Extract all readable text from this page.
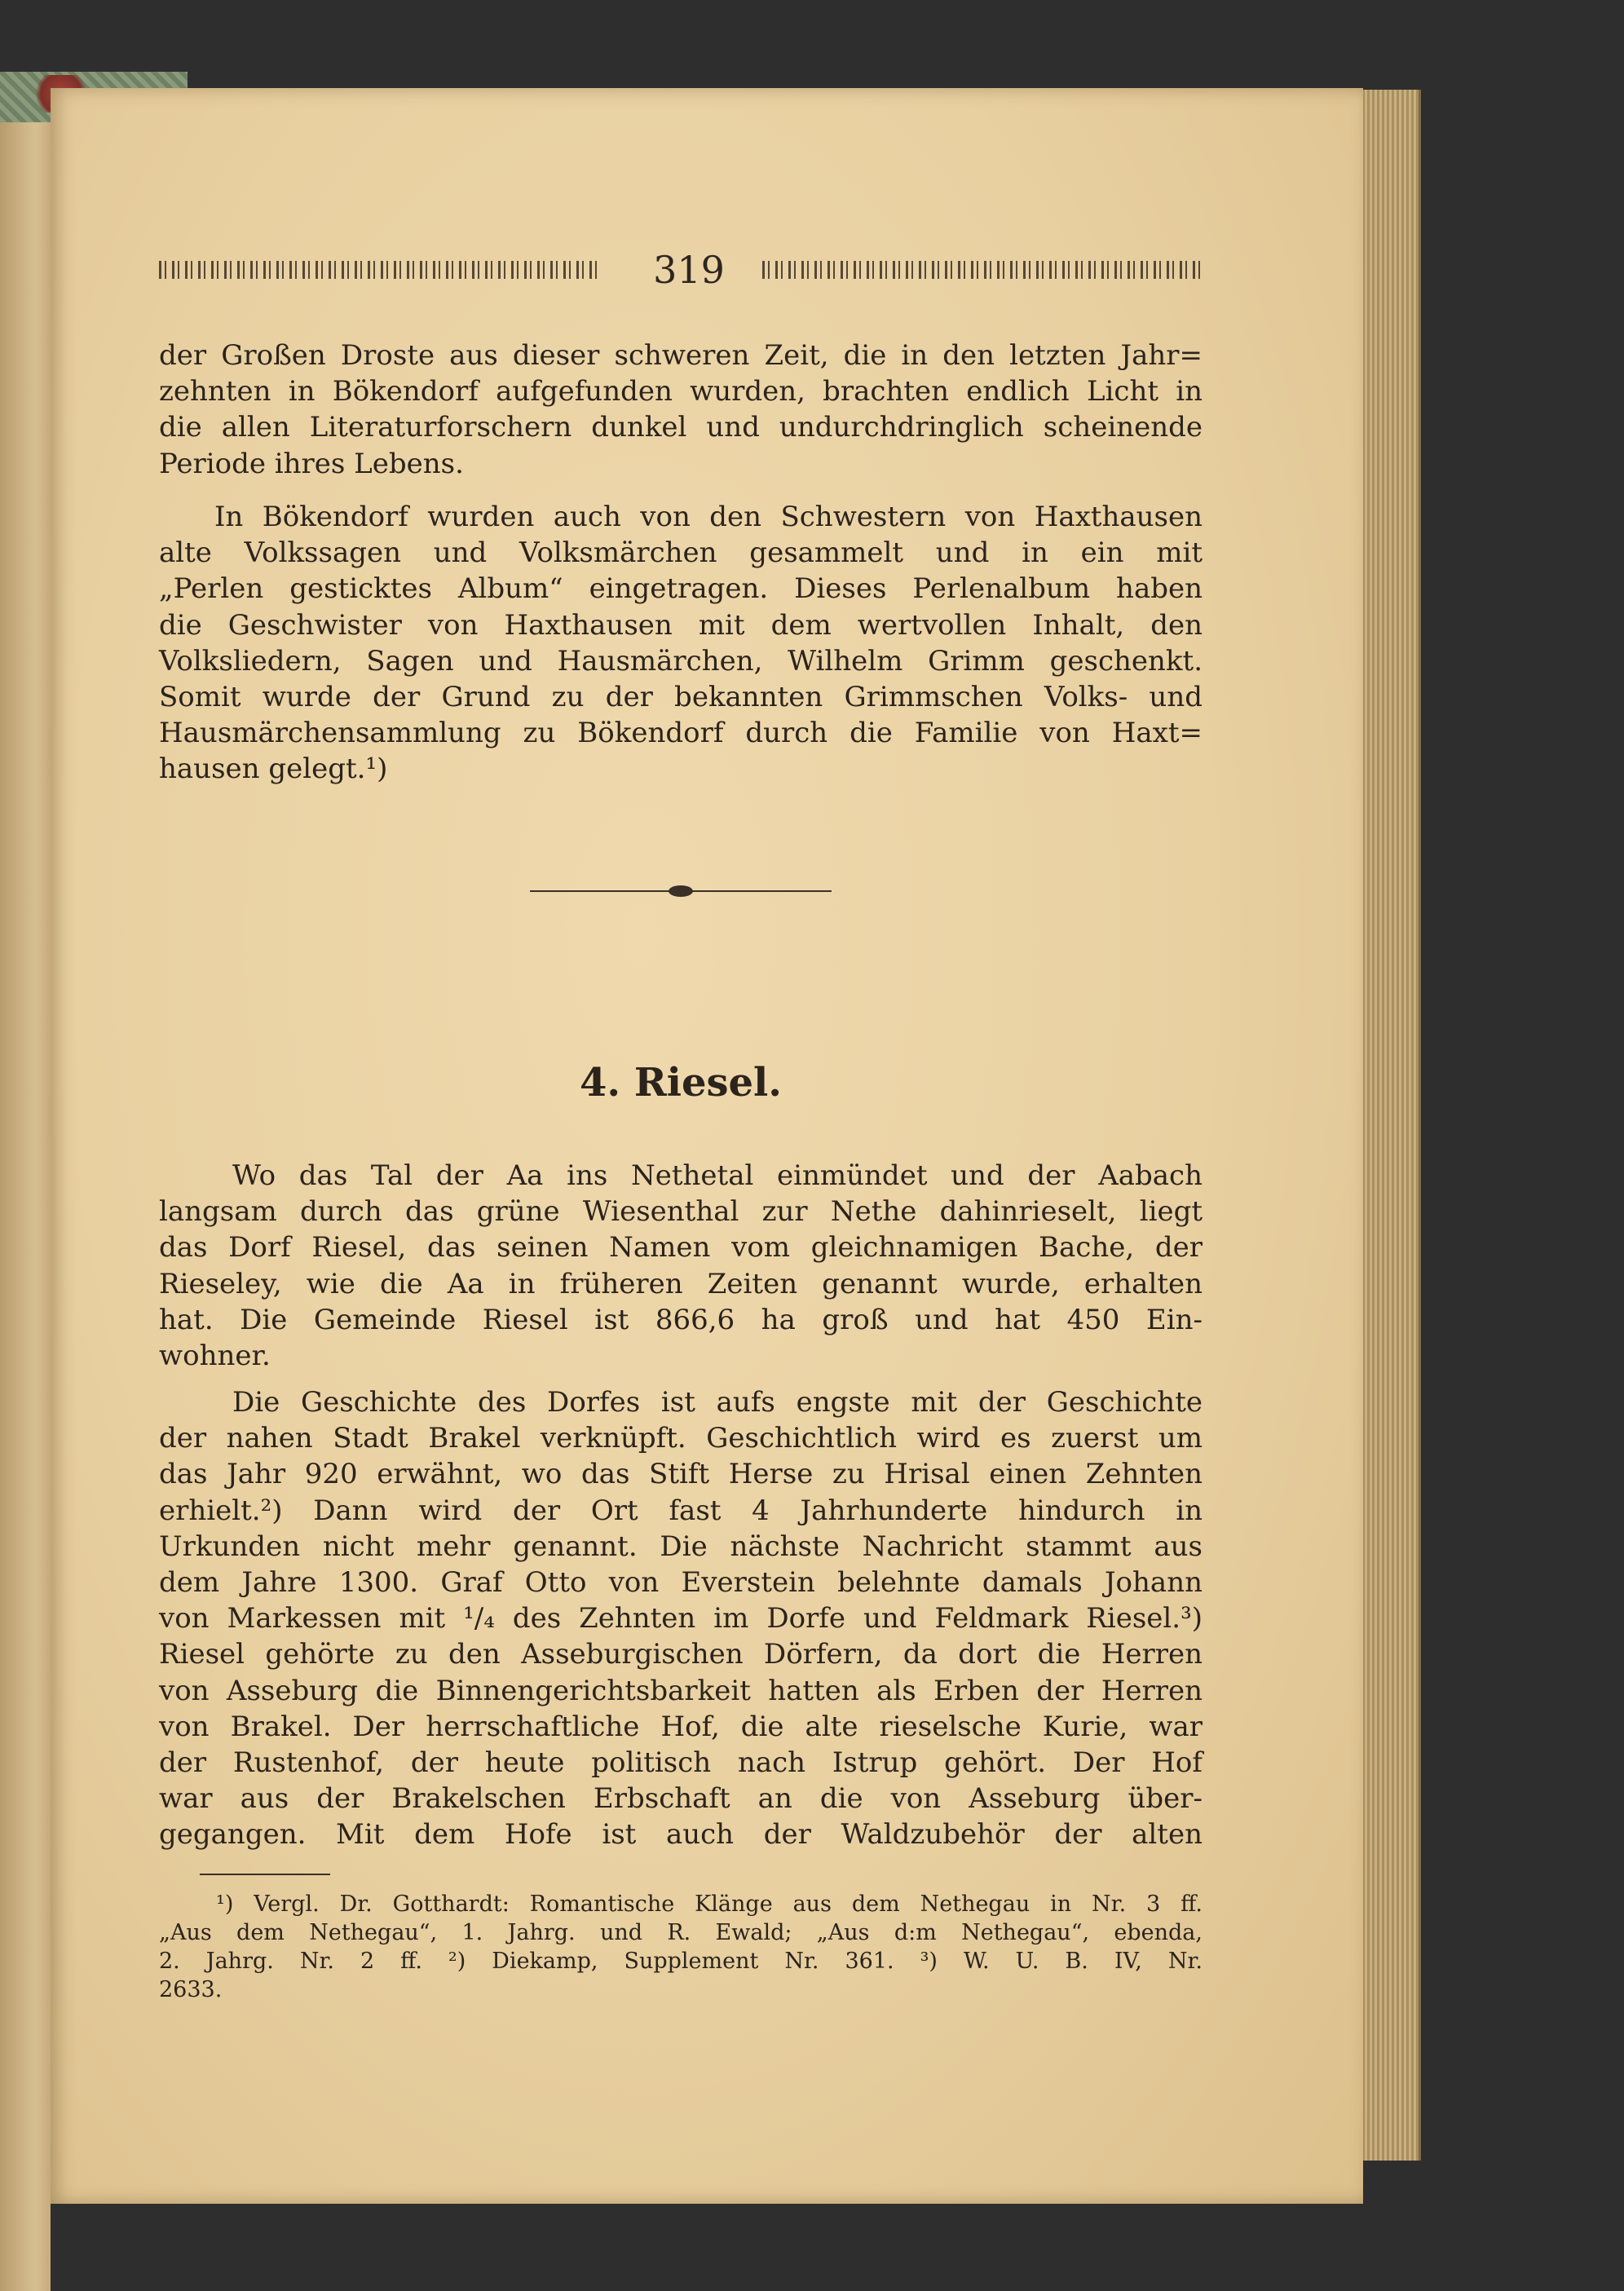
319
der Großen Droste aus dieser schweren Zeit, die in den letzten Jahr=
zehnten in Bökendorf aufgefunden wurden, brachten endlich Licht in
die allen Literaturforschern dunkel und undurchdringlich scheinende
Periode ihres Lebens.
In Bökendorf wurden auch von den Schwestern von Haxthausen
alte Volkssagen und Volksmärchen gesammelt und in ein mit
„Perlen gesticktes Album“ eingetragen. Dieses Perlenalbum haben
die Geschwister von Haxthausen mit dem wertvollen Inhalt, den
Volksliedern, Sagen und Hausmärchen, Wilhelm Grimm geschenkt.
Somit wurde der Grund zu der bekannten Grimmschen Volks- und
Hausmärchensammlung zu Bökendorf durch die Familie von Haxt=
hausen gelegt.¹)
4. Riesel.
Wo das Tal der Aa ins Nethetal einmündet und der Aabach
langsam durch das grüne Wiesenthal zur Nethe dahinrieselt, liegt
das Dorf Riesel, das seinen Namen vom gleichnamigen Bache, der
Rieseley, wie die Aa in früheren Zeiten genannt wurde, erhalten
hat. Die Gemeinde Riesel ist 866,6 ha groß und hat 450 Ein-
wohner.
Die Geschichte des Dorfes ist aufs engste mit der Geschichte
der nahen Stadt Brakel verknüpft. Geschichtlich wird es zuerst um
das Jahr 920 erwähnt, wo das Stift Herse zu Hrisal einen Zehnten
erhielt.²) Dann wird der Ort fast 4 Jahrhunderte hindurch in
Urkunden nicht mehr genannt. Die nächste Nachricht stammt aus
dem Jahre 1300. Graf Otto von Everstein belehnte damals Johann
von Markessen mit ¹/₄ des Zehnten im Dorfe und Feldmark Riesel.³)
Riesel gehörte zu den Asseburgischen Dörfern, da dort die Herren
von Asseburg die Binnengerichtsbarkeit hatten als Erben der Herren
von Brakel. Der herrschaftliche Hof, die alte rieselsche Kurie, war
der Rustenhof, der heute politisch nach Istrup gehört. Der Hof
war aus der Brakelschen Erbschaft an die von Asseburg über-
gegangen. Mit dem Hofe ist auch der Waldzubehör der alten
¹) Vergl. Dr. Gotthardt: Romantische Klänge aus dem Nethegau in Nr. 3 ff.
„Aus dem Nethegau“, 1. Jahrg. und R. Ewald; „Aus d:m Nethegau“, ebenda,
2. Jahrg. Nr. 2 ff. ²) Diekamp, Supplement Nr. 361. ³) W. U. B. IV, Nr.
2633.
